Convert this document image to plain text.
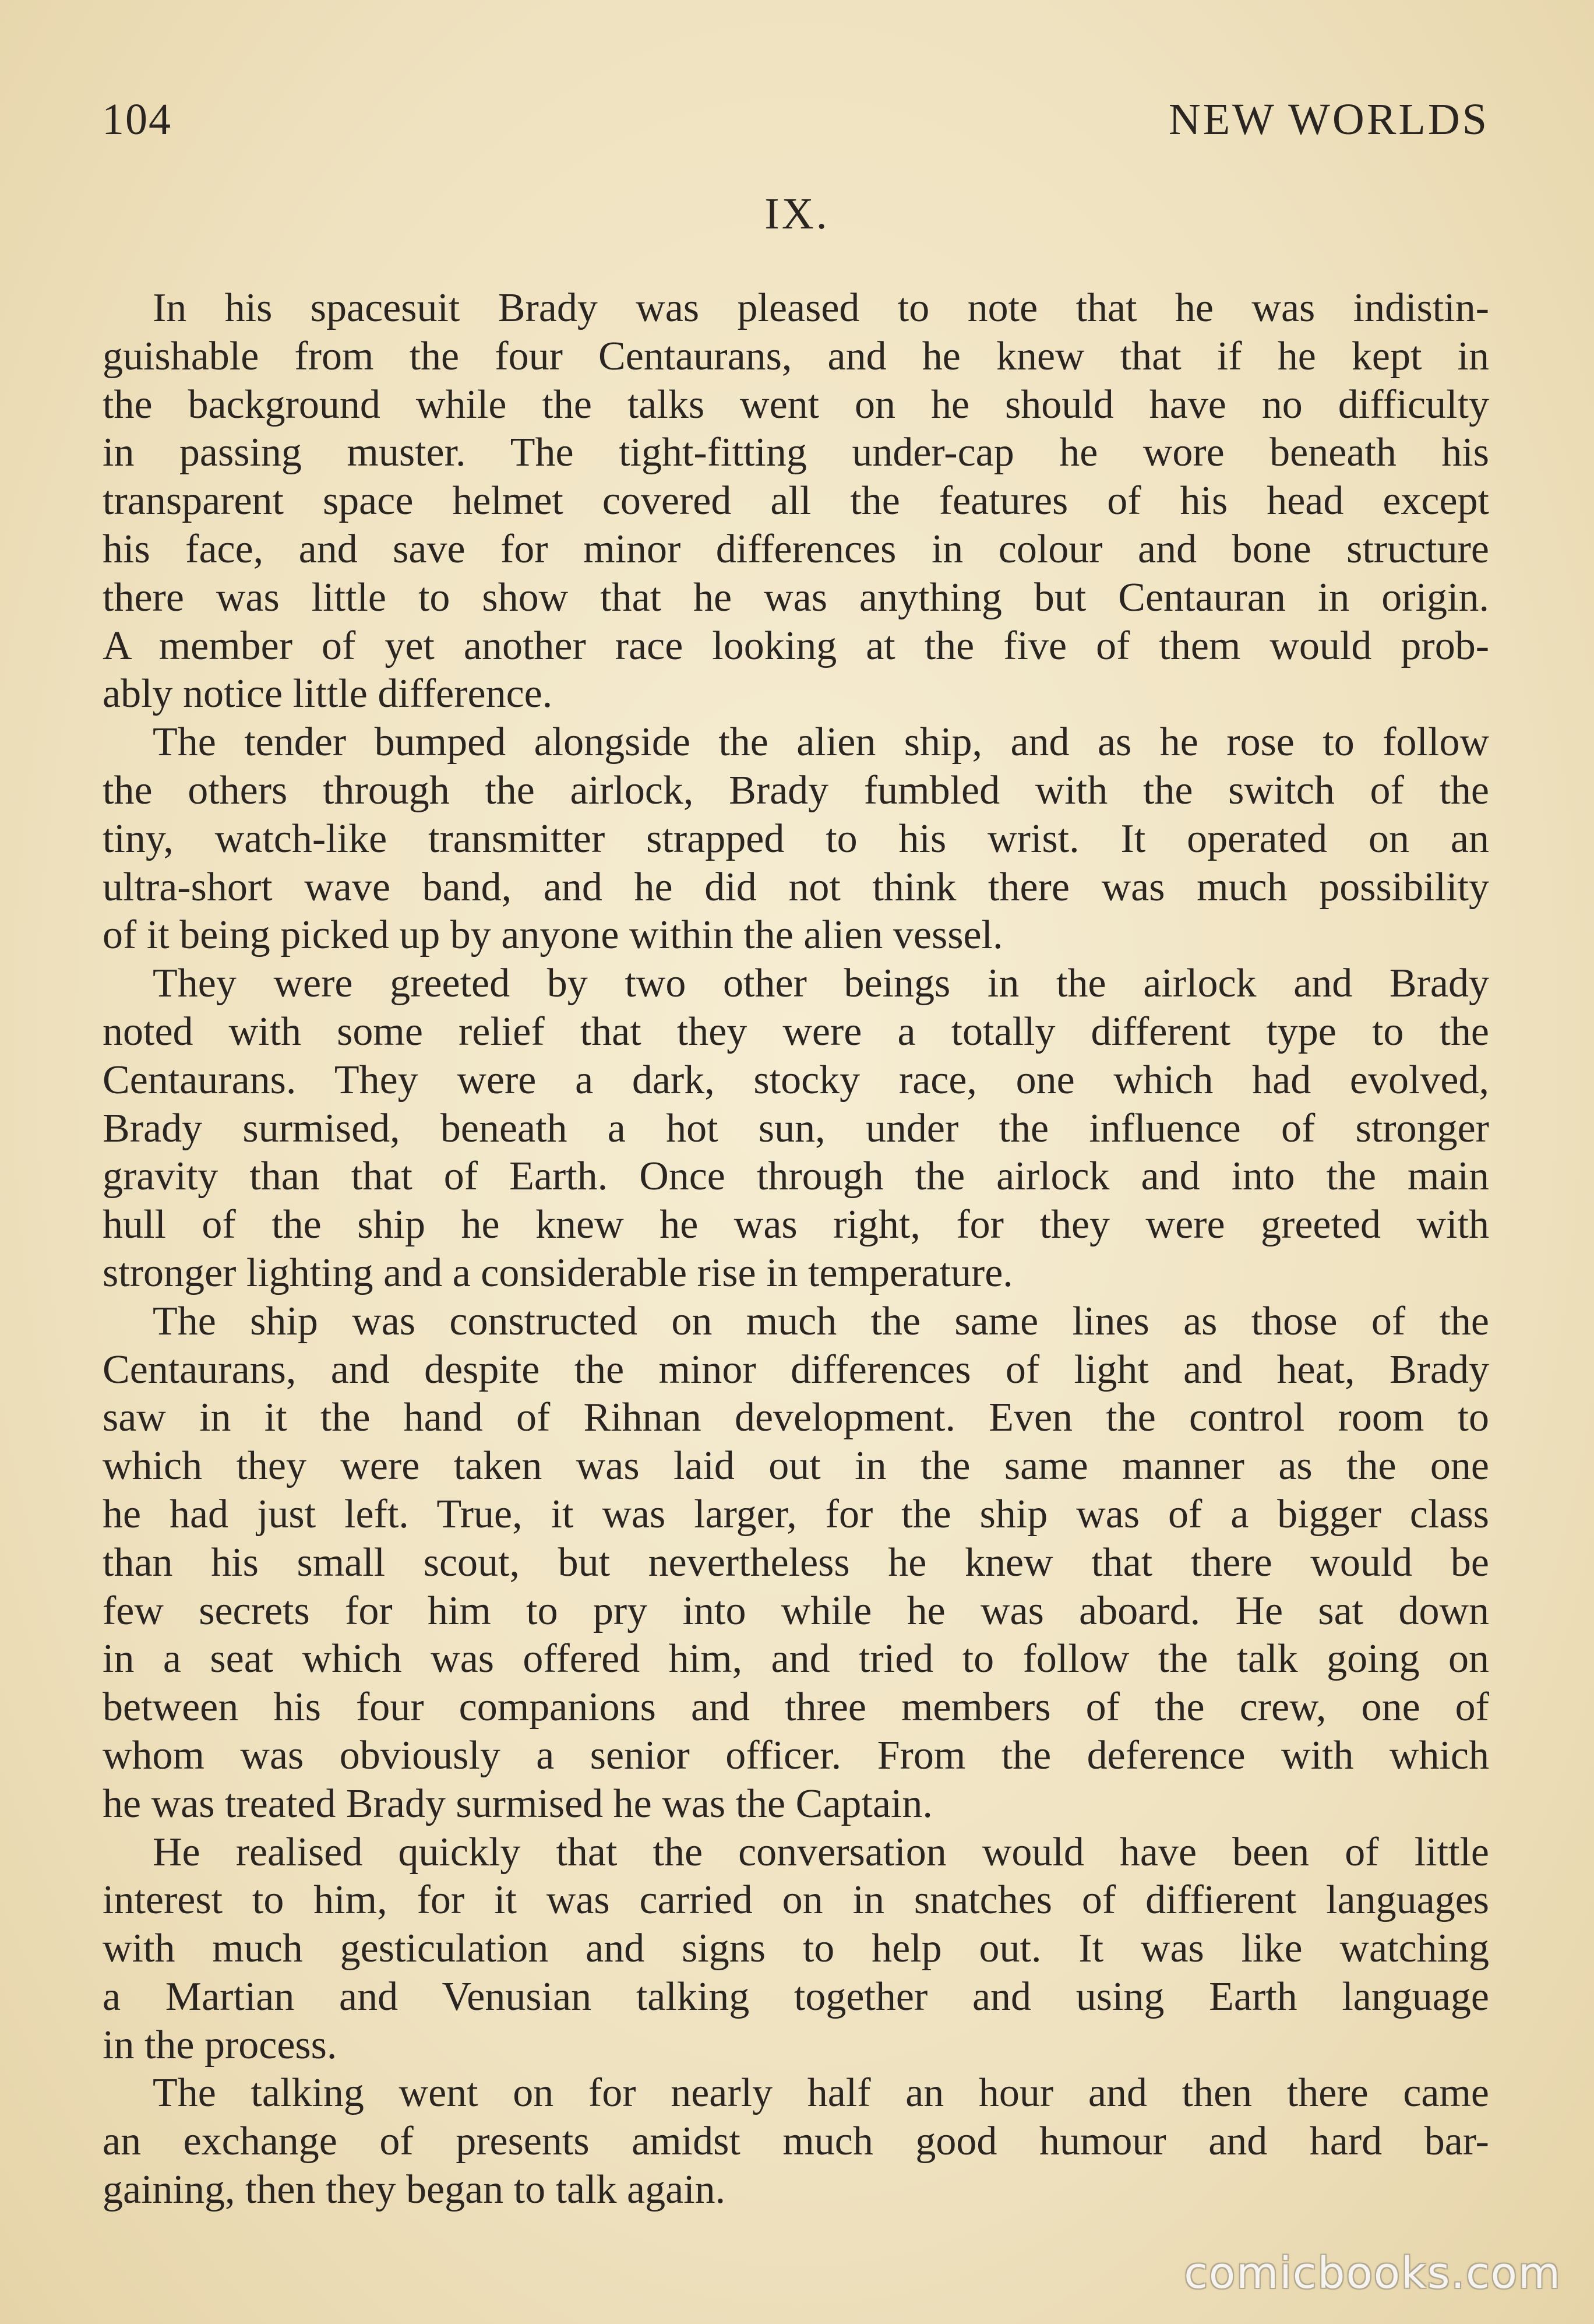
104	NEW WORLDS
IX.
In his spacesuit Brady was pleased to note that he was indistin-
guishable from the four Centaurans, and he knew that if he kept in
the background while the talks went on he should have no difficulty
in passing muster. The tight-fitting under-cap he wore beneath his
transparent space helmet covered all the features of his head except
his face, and save for minor differences in colour and bone structure
there was little to show that he was anything but Centauran in origin.
A member of yet another race looking at the five of them would prob-
ably notice little difference.
The tender bumped alongside the alien ship, and as he rose to follow
the others through the airlock, Brady fumbled with the switch of the
tiny, watch-like transmitter strapped to his wrist. It operated on an
ultra-short wave band, and he did not think there was much possibility
of it being picked up by anyone within the alien vessel.
They were greeted by two other beings in the airlock and Brady
noted with some relief that they were a totally different type to the
Centaurans. They were a dark, stocky race, one which had evolved,
Brady surmised, beneath a hot sun, under the influence of stronger
gravity than that of Earth. Once through the airlock and into the main
hull of the ship he knew he was right, for they were greeted with
stronger lighting and a considerable rise in temperature.
The ship was constructed on much the same lines as those of the
Centaurans, and despite the minor differences of light and heat, Brady
saw in it the hand of Rihnan development. Even the control room to
which they were taken was laid out in the same manner as the one
he had just left. True, it was larger, for the ship was of a bigger class
than his small scout, but nevertheless he knew that there would be
few secrets for him to pry into while he was aboard. He sat down
in a seat which was offered him, and tried to follow the talk going on
between his four companions and three members of the crew, one of
whom was obviously a senior officer. From the deference with which
he was treated Brady surmised he was the Captain.
He realised quickly that the conversation would have been of little
interest to him, for it was carried on in snatches of diffierent languages
with much gesticulation and signs to help out. It was like watching
a Martian and Venusian talking together and using Earth language
in the process.
The talking went on for nearly half an hour and then there came
an exchange of presents amidst much good humour and hard bar-
gaining, then they began to talk again.
comicbooks.com
